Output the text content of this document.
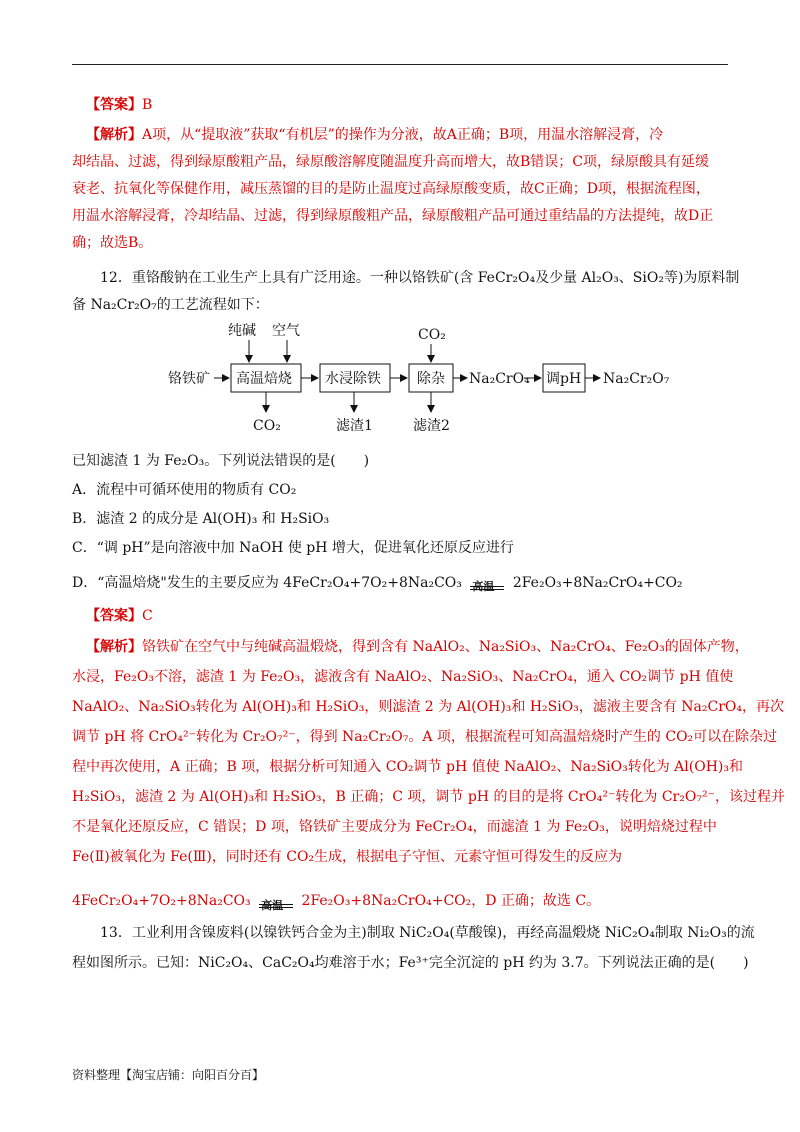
【答案】B
【解析】A项，从“提取液”获取“有机层”的操作为分液，故A正确；B项，用温水溶解浸膏，冷
却结晶、过滤，得到绿原酸粗产品，绿原酸溶解度随温度升高而增大，故B错误；C项，绿原酸具有延缓
衰老、抗氧化等保健作用，减压蒸馏的目的是防止温度过高绿原酸变质，故C正确；D项，根据流程图，
用温水溶解浸膏，冷却结晶、过滤，得到绿原酸粗产品，绿原酸粗产品可通过重结晶的方法提纯，故D正
确；故选B。
12．重铬酸钠在工业生产上具有广泛用途。一种以铬铁矿(含 FeCr₂O₄及少量 Al₂O₃、SiO₂等)为原料制
备 Na₂Cr₂O₇的工艺流程如下：
铬铁矿
纯碱 空气
高温焙烧 水浸除铁	除杂	调pH
CO₂
CO₂	滤渣1	滤渣2
Na₂CrO₄	Na₂Cr₂O₇
已知滤渣 1 为 Fe₂O₃。下列说法错误的是(　　)
A．流程中可循环使用的物质有 CO₂
B．滤渣 2 的成分是 Al(OH)₃ 和 H₂SiO₃
C．“调 pH”是向溶液中加 NaOH 使 pH 增大，促进氧化还原反应进行
D．“高温焙烧"发生的主要反应为 4FeCr₂O₄+7O₂+8Na₂CO₃ 高温 2Fe₂O₃+8Na₂CrO₄+CO₂
【答案】C
【解析】铬铁矿在空气中与纯碱高温煅烧，得到含有 NaAlO₂、Na₂SiO₃、Na₂CrO₄、Fe₂O₃的固体产物，
水浸，Fe₂O₃不溶，滤渣 1 为 Fe₂O₃，滤液含有 NaAlO₂、Na₂SiO₃、Na₂CrO₄，通入 CO₂调节 pH 值使
NaAlO₂、Na₂SiO₃转化为 Al(OH)₃和 H₂SiO₃，则滤渣 2 为 Al(OH)₃和 H₂SiO₃，滤液主要含有 Na₂CrO₄，再次
调节 pH 将 CrO₄²⁻转化为 Cr₂O₇²⁻，得到 Na₂Cr₂O₇。A 项，根据流程可知高温焙烧时产生的 CO₂可以在除杂过
程中再次使用，A 正确；B 项，根据分析可知通入 CO₂调节 pH 值使 NaAlO₂、Na₂SiO₃转化为 Al(OH)₃和
H₂SiO₃，滤渣 2 为 Al(OH)₃和 H₂SiO₃，B 正确；C 项，调节 pH 的目的是将 CrO₄²⁻转化为 Cr₂O₇²⁻，该过程并
不是氧化还原反应，C 错误；D 项，铬铁矿主要成分为 FeCr₂O₄，而滤渣 1 为 Fe₂O₃，说明焙烧过程中
Fe(Ⅱ)被氧化为 Fe(Ⅲ)，同时还有 CO₂生成，根据电子守恒、元素守恒可得发生的反应为
4FeCr₂O₄+7O₂+8Na₂CO₃ 高温 2Fe₂O₃+8Na₂CrO₄+CO₂，D 正确；故选 C。
13．工业利用含镍废料(以镍铁钙合金为主)制取 NiC₂O₄(草酸镍)，再经高温煅烧 NiC₂O₄制取 Ni₂O₃的流
程如图所示。已知：NiC₂O₄、CaC₂O₄均难溶于水；Fe³⁺完全沉淀的 pH 约为 3.7。下列说法正确的是(　　)
资料整理【淘宝店铺：向阳百分百】
